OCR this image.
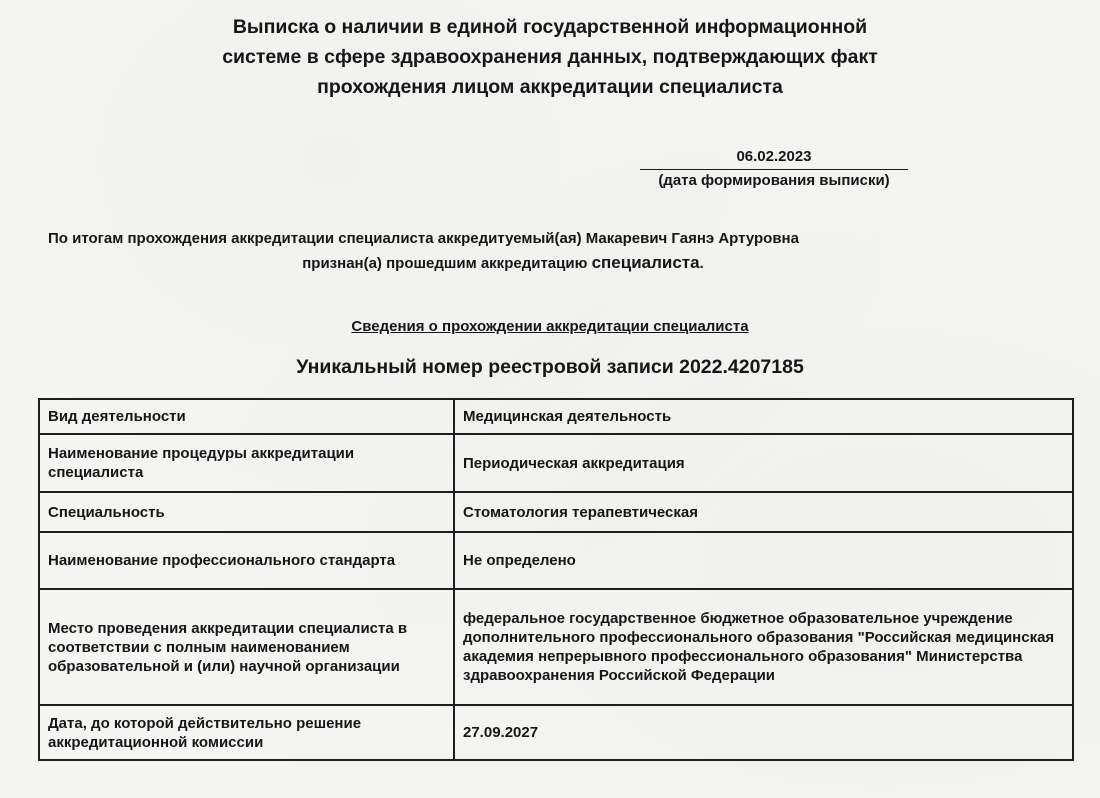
Выписка о наличии в единой государственной информационной
системе в сфере здравоохранения данных, подтверждающих факт
прохождения лицом аккредитации специалиста
06.02.2023
(дата формирования выписки)
По итогам прохождения аккредитации специалиста аккредитуемый(ая) Макаревич Гаянэ Артуровна
признан(а) прошедшим аккредитацию специалиста.
Сведения о прохождении аккредитации специалиста
Уникальный номер реестровой записи 2022.4207185
Вид деятельности	Медицинская деятельность
Наименование процедуры аккредитации специалиста	Периодическая аккредитация
Специальность	Стоматология терапевтическая
Наименование профессионального стандарта	Не определено
Место проведения аккредитации специалиста в соответствии с полным наименованием образовательной и (или) научной организации	федеральное государственное бюджетное образовательное учреждение дополнительного профессионального образования "Российская медицинская академия непрерывного профессионального образования" Министерства здравоохранения Российской Федерации
Дата, до которой действительно решение аккредитационной комиссии	27.09.2027
